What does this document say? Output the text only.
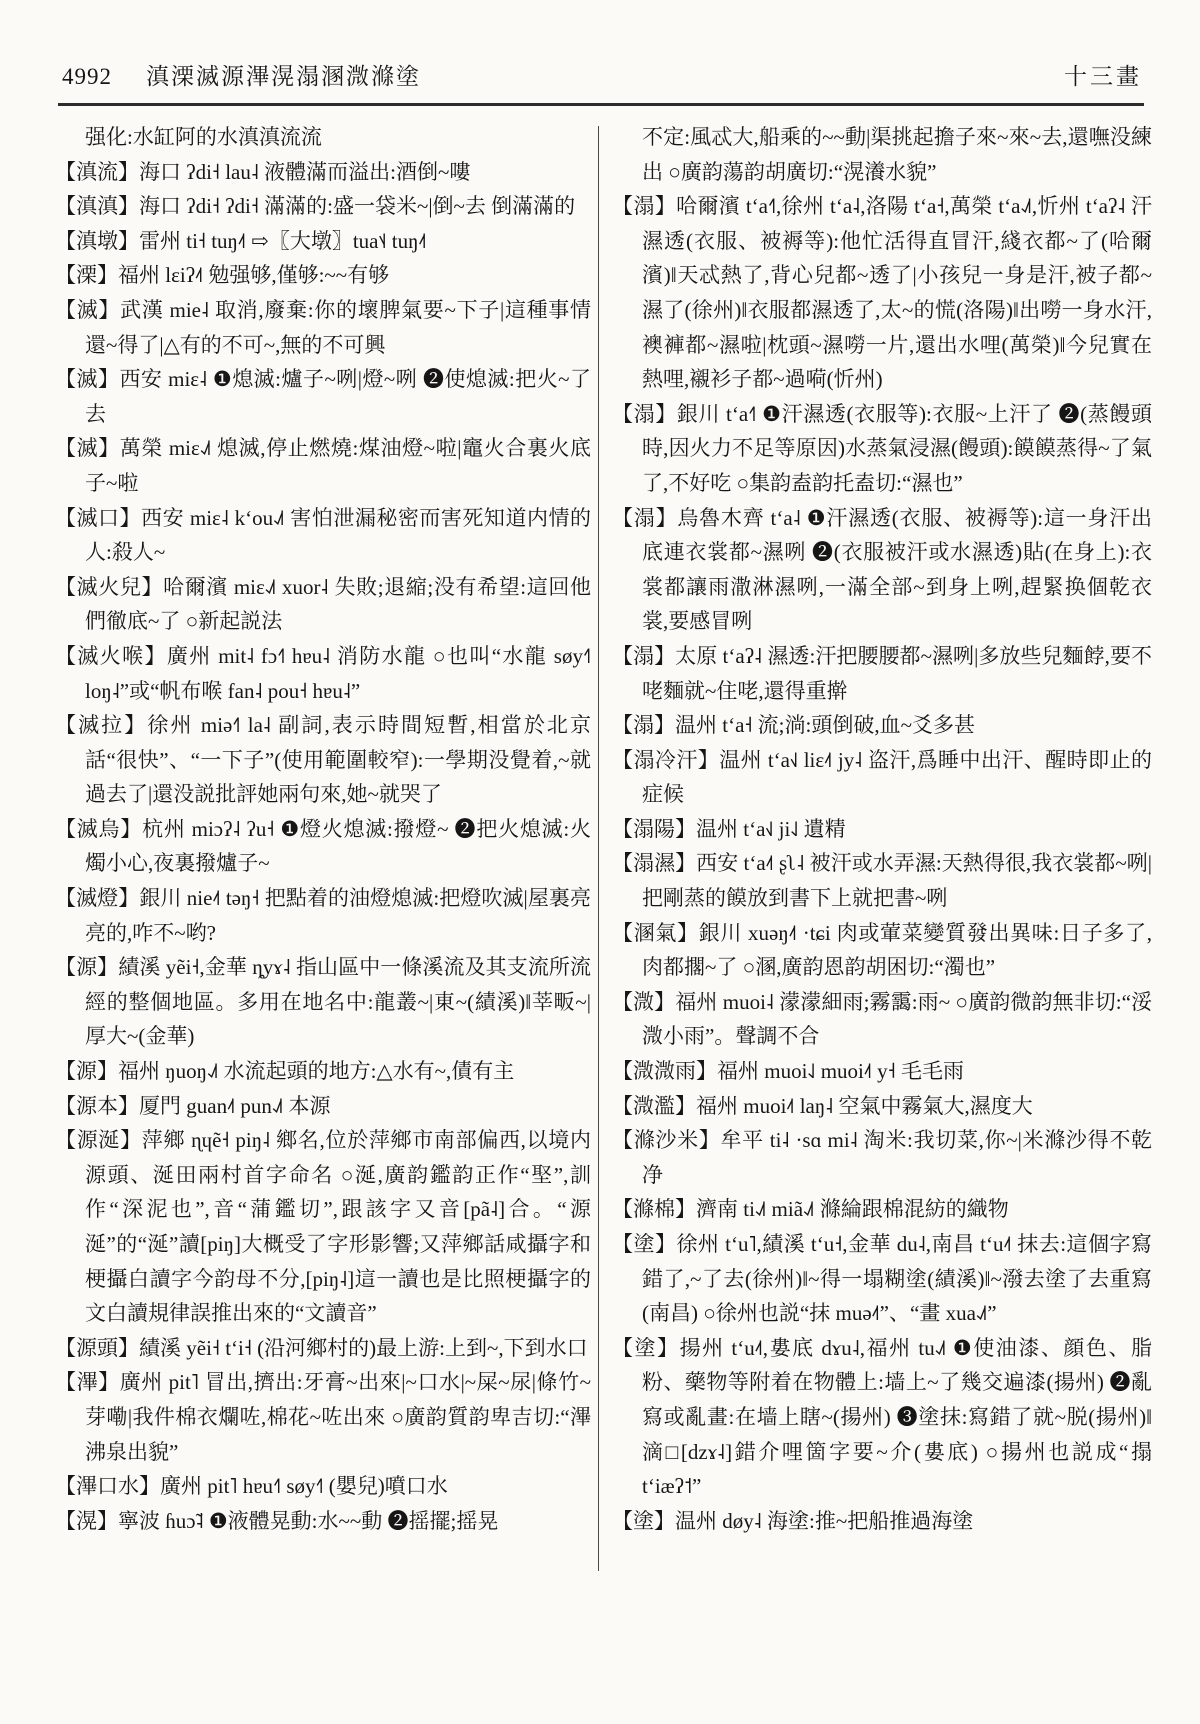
4992 滇溧滅源滭滉溻溷溦滌塗	十三畫

强化:水缸阿的水滇滇流流

【滇流】海口 ʔdi˧ lau˨ 液體滿而溢出:酒倒~嘍

【滇滇】海口 ʔdi˧ ʔdi˧ 滿滿的:盛一袋米~|倒~去 倒滿滿的

【滇墩】雷州 ti˧ tuŋ˨˦ ⇨〖大墩〗tua˦˨ tuŋ˨˦

【溧】福州 lɛiʔ˨˦ 勉强够,僅够:~~有够

【滅】武漢 mie˨ 取消,廢棄:你的壞脾氣要~下子|這種事情還~得了|△有的不可~,無的不可興

【滅】西安 miɛ˨ ❶熄滅:爐子~咧|燈~咧 ❷使熄滅:把火~了去

【滅】萬榮 miɛ˨˩˦ 熄滅,停止燃燒:煤油燈~啦|竈火合裏火底子~啦

【滅口】西安 miɛ˨ kʻou˨˩˦ 害怕泄漏秘密而害死知道内情的人:殺人~

【滅火兒】哈爾濱 miɛ˨˩˦ xuor˨ 失敗;退縮;没有希望:這回他們徹底~了 ○新起説法

【滅火喉】廣州 mit˨ fɔ˧˥ hɐu˨ 消防水龍 ○也叫“水龍 søy˧˥ loŋ˨”或“帆布喉 fan˨ pou˧ hɐu˨”

【滅拉】徐州 miə˧˥ la˨ 副詞,表示時間短暫,相當於北京話“很快”、“一下子”(使用範圍較窄):一學期没覺着,~就過去了|還没説批評她兩句來,她~就哭了

【滅烏】杭州 miɔʔ˨ ʔu˧ ❶燈火熄滅:撥燈~ ❷把火熄滅:火燭小心,夜裏撥爐子~

【滅燈】銀川 nie˨˦ təŋ˧ 把點着的油燈熄滅:把燈吹滅|屋裏亮亮的,咋不~哟?

【源】績溪 yẽi˧,金華 ȵyɤ˨ 指山區中一條溪流及其支流所流經的整個地區。多用在地名中:龍叢~|東~(績溪)‖莘畈~|厚大~(金華)

【源】福州 ŋuoŋ˨˩˦ 水流起頭的地方:△水有~,債有主

【源本】厦門 guan˨˦ pun˨˩˦ 本源

【源涎】萍鄉 ɳɥẽ˧ piŋ˨ 鄉名,位於萍鄉市南部偏西,以境内源頭、涎田兩村首字命名 ○涎,廣韵鑑韵正作“埾”,訓作“深泥也”,音“蒲鑑切”,跟該字又音[pã˨]合。“源涎”的“涎”讀[piŋ]大概受了字形影響;又萍鄉話咸攝字和梗攝白讀字今韵母不分,[piŋ˨]這一讀也是比照梗攝字的文白讀規律誤推出來的“文讀音”

【源頭】績溪 yẽi˧ tʻi˧ (沿河鄉村的)最上游:上到~,下到水口

【滭】廣州 pit˥ 冒出,擠出:牙膏~出來|~口水|~屎~尿|條竹~芽嘞|我件棉衣爛咗,棉花~咗出來 ○廣韵質韵卑吉切:“滭沸泉出貌”

【滭口水】廣州 pit˥ hɐu˧˥ søy˧˥ (嬰兒)噴口水

【滉】寧波 ɦuɔ̃˨ ❶液體晃動:水~~動 ❷摇擺;摇晃

不定:風忒大,船乘的~~動|渠挑起擔子來~來~去,還嘸没練出 ○廣韵蕩韵胡廣切:“滉瀁水貌”

【溻】哈爾濱 tʻa˧˥,徐州 tʻa˨,洛陽 tʻa˧,萬榮 tʻa˨˩˦,忻州 tʻaʔ˨ 汗濕透(衣服、被褥等):他忙活得直冒汗,綫衣都~了(哈爾濱)‖天忒熱了,背心兒都~透了|小孩兒一身是汗,被子都~濕了(徐州)‖衣服都濕透了,太~的慌(洛陽)‖出嘮一身水汗,襖褲都~濕啦|枕頭~濕嘮一片,還出水哩(萬榮)‖今兒實在熱哩,襯衫子都~過嗬(忻州)

【溻】銀川 tʻa˧˥ ❶汗濕透(衣服等):衣服~上汗了 ❷(蒸饅頭時,因火力不足等原因)水蒸氣浸濕(饅頭):饃饃蒸得~了氣了,不好吃 ○集韵盍韵托盍切:“濕也”

【溻】烏魯木齊 tʻa˨ ❶汗濕透(衣服、被褥等):這一身汗出底連衣裳都~濕咧 ❷(衣服被汗或水濕透)貼(在身上):衣裳都讓雨潵淋濕咧,一滿全部~到身上咧,趕緊换個乾衣裳,要感冒咧

【溻】太原 tʻaʔ˨ 濕透:汗把腰腰都~濕咧|多放些兒麵餑,要不咾麵就~住咾,還得重擀

【溻】温州 tʻa˧ 流;淌:頭倒破,血~爻多甚

【溻冷汗】温州 tʻa˧˩ liɛ˨˦ jy˨ 盗汗,爲睡中出汗、醒時即止的症候

【溻陽】温州 tʻa˧˩ ji˨˩ 遺精

【溻濕】西安 tʻa˨˦ ʂʅ˨ 被汗或水弄濕:天熱得很,我衣裳都~咧|把剛蒸的饃放到書下上就把書~咧

【溷氣】銀川 xuəŋ˨˦ ·tɕi 肉或葷菜變質發出異味:日子多了,肉都擱~了 ○溷,廣韵恩韵胡困切:“濁也”

【溦】福州 muoi˨ 濛濛細雨;霧靄:雨~ ○廣韵微韵無非切:“浽溦小雨”。聲調不合

【溦溦雨】福州 muoi˨˩ muoi˨˦ y˧ 毛毛雨

【溦濫】福州 muoi˨˦ laŋ˨ 空氣中霧氣大,濕度大

【滌沙米】牟平 ti˨ ·sɑ mi˨ 淘米:我切菜,你~|米滌沙得不乾净

【滌棉】濟南 ti˨˩˦ miã˨˩˦ 滌綸跟棉混紡的織物

【塗】徐州 tʻu˥,績溪 tʻu˧,金華 du˨,南昌 tʻu˨˦ 抹去:這個字寫錯了,~了去(徐州)‖~得一塌糊塗(績溪)‖~潑去塗了去重寫(南昌) ○徐州也説“抹 muə˨˦”、“畫 xua˨˩˦”

【塗】揚州 tʻu˨˦,婁底 dɤu˨,福州 tu˨˩˦ ❶使油漆、顔色、脂粉、藥物等附着在物體上:墙上~了幾交遍漆(揚州) ❷亂寫或亂畫:在墙上瞎~(揚州) ❸塗抹:寫錯了就~脱(揚州)‖滴□[dzɤ˨]錯介哩箇字要~介(婁底) ○揚州也説成“搨 tʻiæʔ˦”

【塗】温州 døy˨ 海塗:推~把船推過海塗
